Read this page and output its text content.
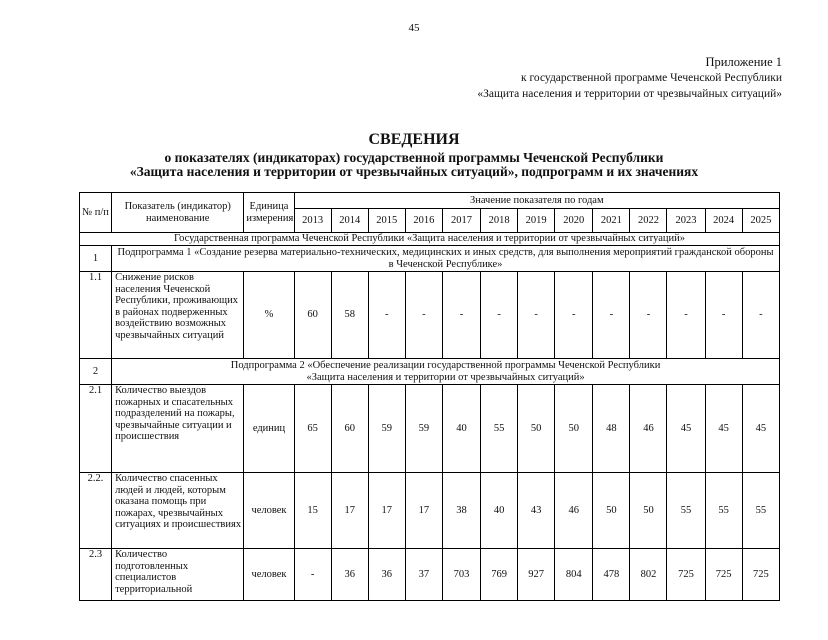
45
Приложение 1
к государственной программе Чеченской Республики
«Защита населения и территории от чрезвычайных ситуаций»
СВЕДЕНИЯ
о показателях (индикаторах) государственной программы Чеченской Республики
«Защита населения и территории от чрезвычайных ситуаций», подпрограмм и их значениях
№ п/п	Показатель (индикатор) наименование	Единица измерения	Значение показателя по годам												
			2013	2014	2015	2016	2017	2018	2019	2020	2021	2022	2023	2024	2025
Государственная программа Чеченской Республики «Защита населения и территории от чрезвычайных ситуаций»															
1	Подпрограмма 1 «Создание резерва материально-технических, медицинских и иных средств, для выполнения мероприятий гражданской обороны в Чеченской Республике»														
1.1	Снижение рисков населения Чеченской Республики, проживающих в районах подверженных воздействию возможных чрезвычайных ситуаций	%	60	58	-	-	-	-	-	-	-	-	-	-	-
2	Подпрограмма 2 «Обеспечение реализации государственной программы Чеченской Республики
«Защита населения и территории от чрезвычайных ситуаций»														

2.1	Количество выездов пожарных и спасательных подразделений на пожары, чрезвычайные ситуации и происшествия	единиц	65	60	59	59	40	55	50	50	48	46	45	45	45
2.2.	Количество спасенных людей и людей, которым оказана помощь при пожарах, чрезвычайных ситуациях и происшествиях	человек	15	17	17	17	38	40	43	46	50	50	55	55	55
2.3	Количество подготовленных специалистов территориальной	человек	-	36	36	37	703	769	927	804	478	802	725	725	725
